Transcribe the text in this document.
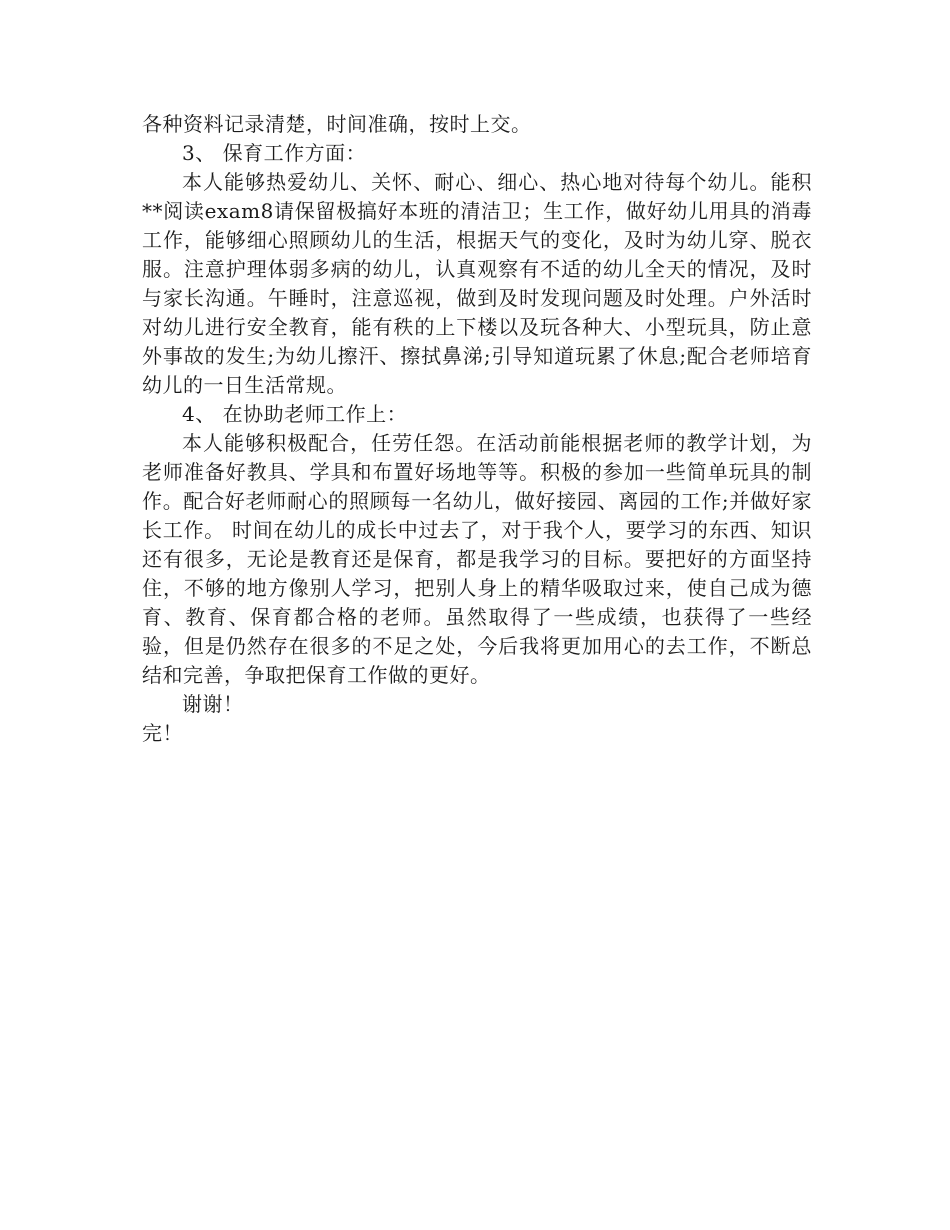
各种资料记录清楚，时间准确，按时上交。

3、 保育工作方面：

本人能够热爱幼儿、关怀、耐心、细心、热心地对待每个幼儿。能积**阅读exam8请保留极搞好本班的清洁卫；生工作，做好幼儿用具的消毒工作，能够细心照顾幼儿的生活，根据天气的变化，及时为幼儿穿、脱衣服。注意护理体弱多病的幼儿，认真观察有不适的幼儿全天的情况，及时与家长沟通。午睡时，注意巡视，做到及时发现问题及时处理。户外活时对幼儿进行安全教育，能有秩的上下楼以及玩各种大、小型玩具，防止意外事故的发生;为幼儿擦汗、擦拭鼻涕;引导知道玩累了休息;配合老师培育幼儿的一日生活常规。

4、 在协助老师工作上：

本人能够积极配合，任劳任怨。在活动前能根据老师的教学计划，为老师准备好教具、学具和布置好场地等等。积极的参加一些简单玩具的制作。配合好老师耐心的照顾每一名幼儿，做好接园、离园的工作;并做好家长工作。 时间在幼儿的成长中过去了，对于我个人，要学习的东西、知识还有很多，无论是教育还是保育，都是我学习的目标。要把好的方面坚持住，不够的地方像别人学习，把别人身上的精华吸取过来，使自己成为德育、教育、保育都合格的老师。虽然取得了一些成绩，也获得了一些经验，但是仍然存在很多的不足之处，今后我将更加用心的去工作，不断总结和完善，争取把保育工作做的更好。

谢谢！

完！
